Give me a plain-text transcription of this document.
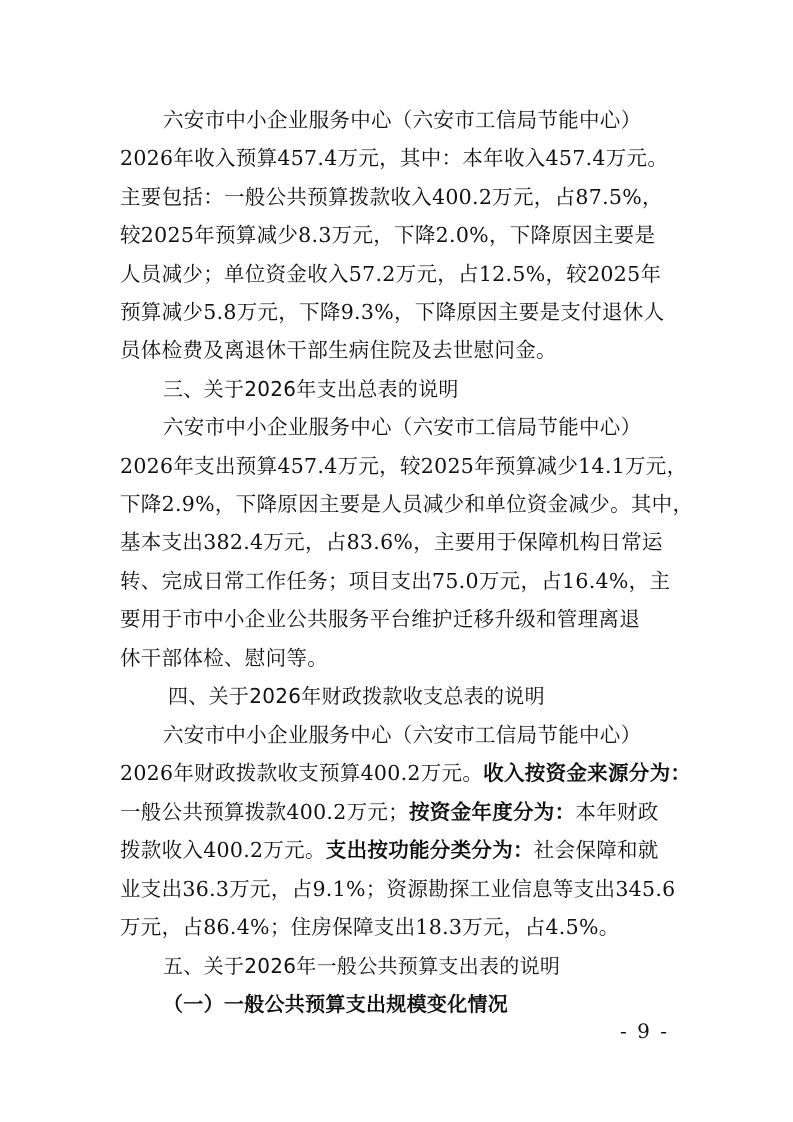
六安市中小企业服务中心（六安市工信局节能中心）
2026年收入预算457.4万元，其中：本年收入457.4万元。
主要包括：一般公共预算拨款收入400.2万元，占87.5%，
较2025年预算减少8.3万元，下降2.0%，下降原因主要是
人员减少；单位资金收入57.2万元，占12.5%，较2025年
预算减少5.8万元，下降9.3%，下降原因主要是支付退休人
员体检费及离退休干部生病住院及去世慰问金。
三、关于2026年支出总表的说明
六安市中小企业服务中心（六安市工信局节能中心）
2026年支出预算457.4万元，较2025年预算减少14.1万元，
下降2.9%，下降原因主要是人员减少和单位资金减少。其中，
基本支出382.4万元，占83.6%，主要用于保障机构日常运
转、完成日常工作任务；项目支出75.0万元，占16.4%，主
要用于市中小企业公共服务平台维护迁移升级和管理离退
休干部体检、慰问等。
四、关于2026年财政拨款收支总表的说明
六安市中小企业服务中心（六安市工信局节能中心）
2026年财政拨款收支预算400.2万元。收入按资金来源分为：
一般公共预算拨款400.2万元；按资金年度分为：本年财政
拨款收入400.2万元。支出按功能分类分为：社会保障和就
业支出36.3万元，占9.1%；资源勘探工业信息等支出345.6
万元，占86.4%；住房保障支出18.3万元，占4.5%。
五、关于2026年一般公共预算支出表的说明
（一）一般公共预算支出规模变化情况
- 9 -
